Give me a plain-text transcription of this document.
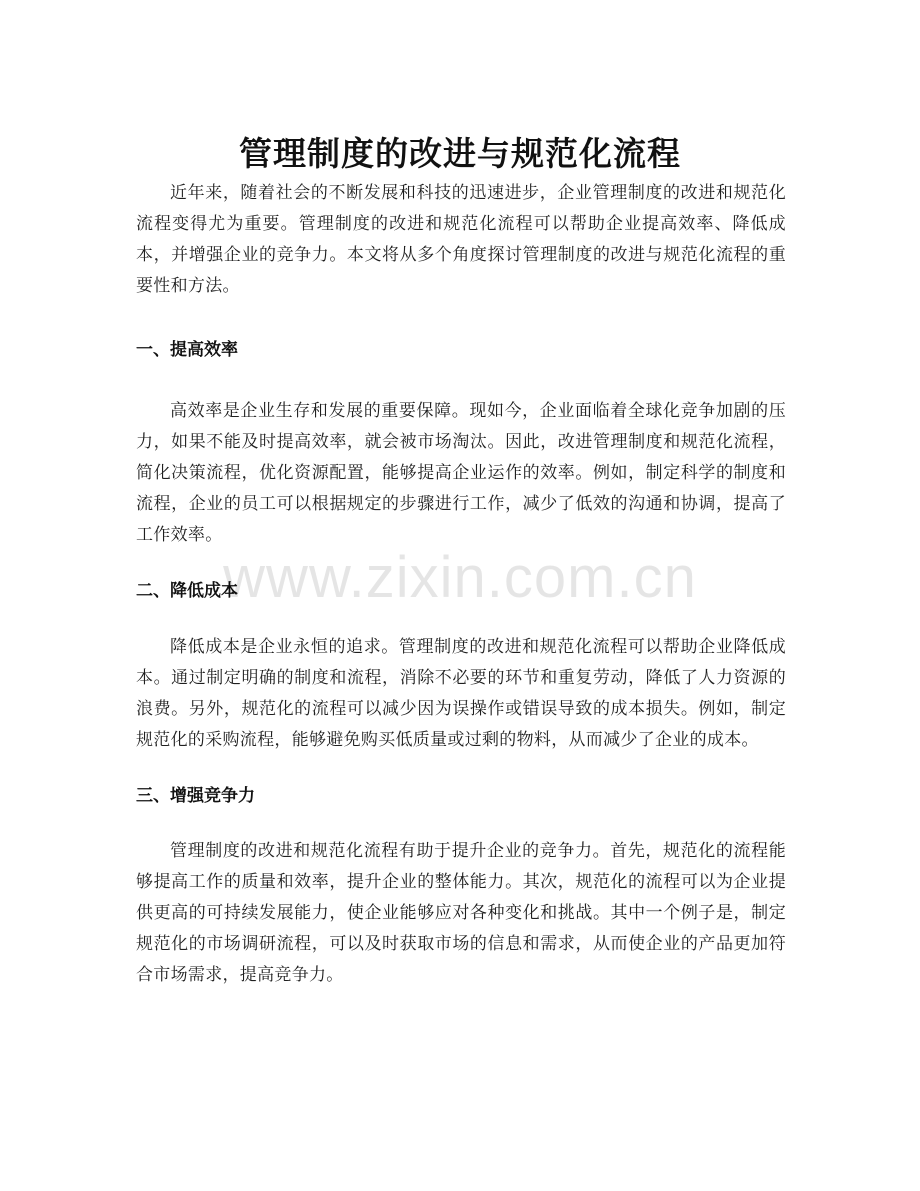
管理制度的改进与规范化流程

近年来，随着社会的不断发展和科技的迅速进步，企业管理制度的改进和规范化流程变得尤为重要。管理制度的改进和规范化流程可以帮助企业提高效率、降低成本，并增强企业的竞争力。本文将从多个角度探讨管理制度的改进与规范化流程的重要性和方法。

一、提高效率

高效率是企业生存和发展的重要保障。现如今，企业面临着全球化竞争加剧的压力，如果不能及时提高效率，就会被市场淘汰。因此，改进管理制度和规范化流程，简化决策流程，优化资源配置，能够提高企业运作的效率。例如，制定科学的制度和流程，企业的员工可以根据规定的步骤进行工作，减少了低效的沟通和协调，提高了工作效率。

二、降低成本

降低成本是企业永恒的追求。管理制度的改进和规范化流程可以帮助企业降低成本。通过制定明确的制度和流程，消除不必要的环节和重复劳动，降低了人力资源的浪费。另外，规范化的流程可以减少因为误操作或错误导致的成本损失。例如，制定规范化的采购流程，能够避免购买低质量或过剩的物料，从而减少了企业的成本。

三、增强竞争力

管理制度的改进和规范化流程有助于提升企业的竞争力。首先，规范化的流程能够提高工作的质量和效率，提升企业的整体能力。其次，规范化的流程可以为企业提供更高的可持续发展能力，使企业能够应对各种变化和挑战。其中一个例子是，制定规范化的市场调研流程，可以及时获取市场的信息和需求，从而使企业的产品更加符合市场需求，提高竞争力。

www.zixin.com.cn
